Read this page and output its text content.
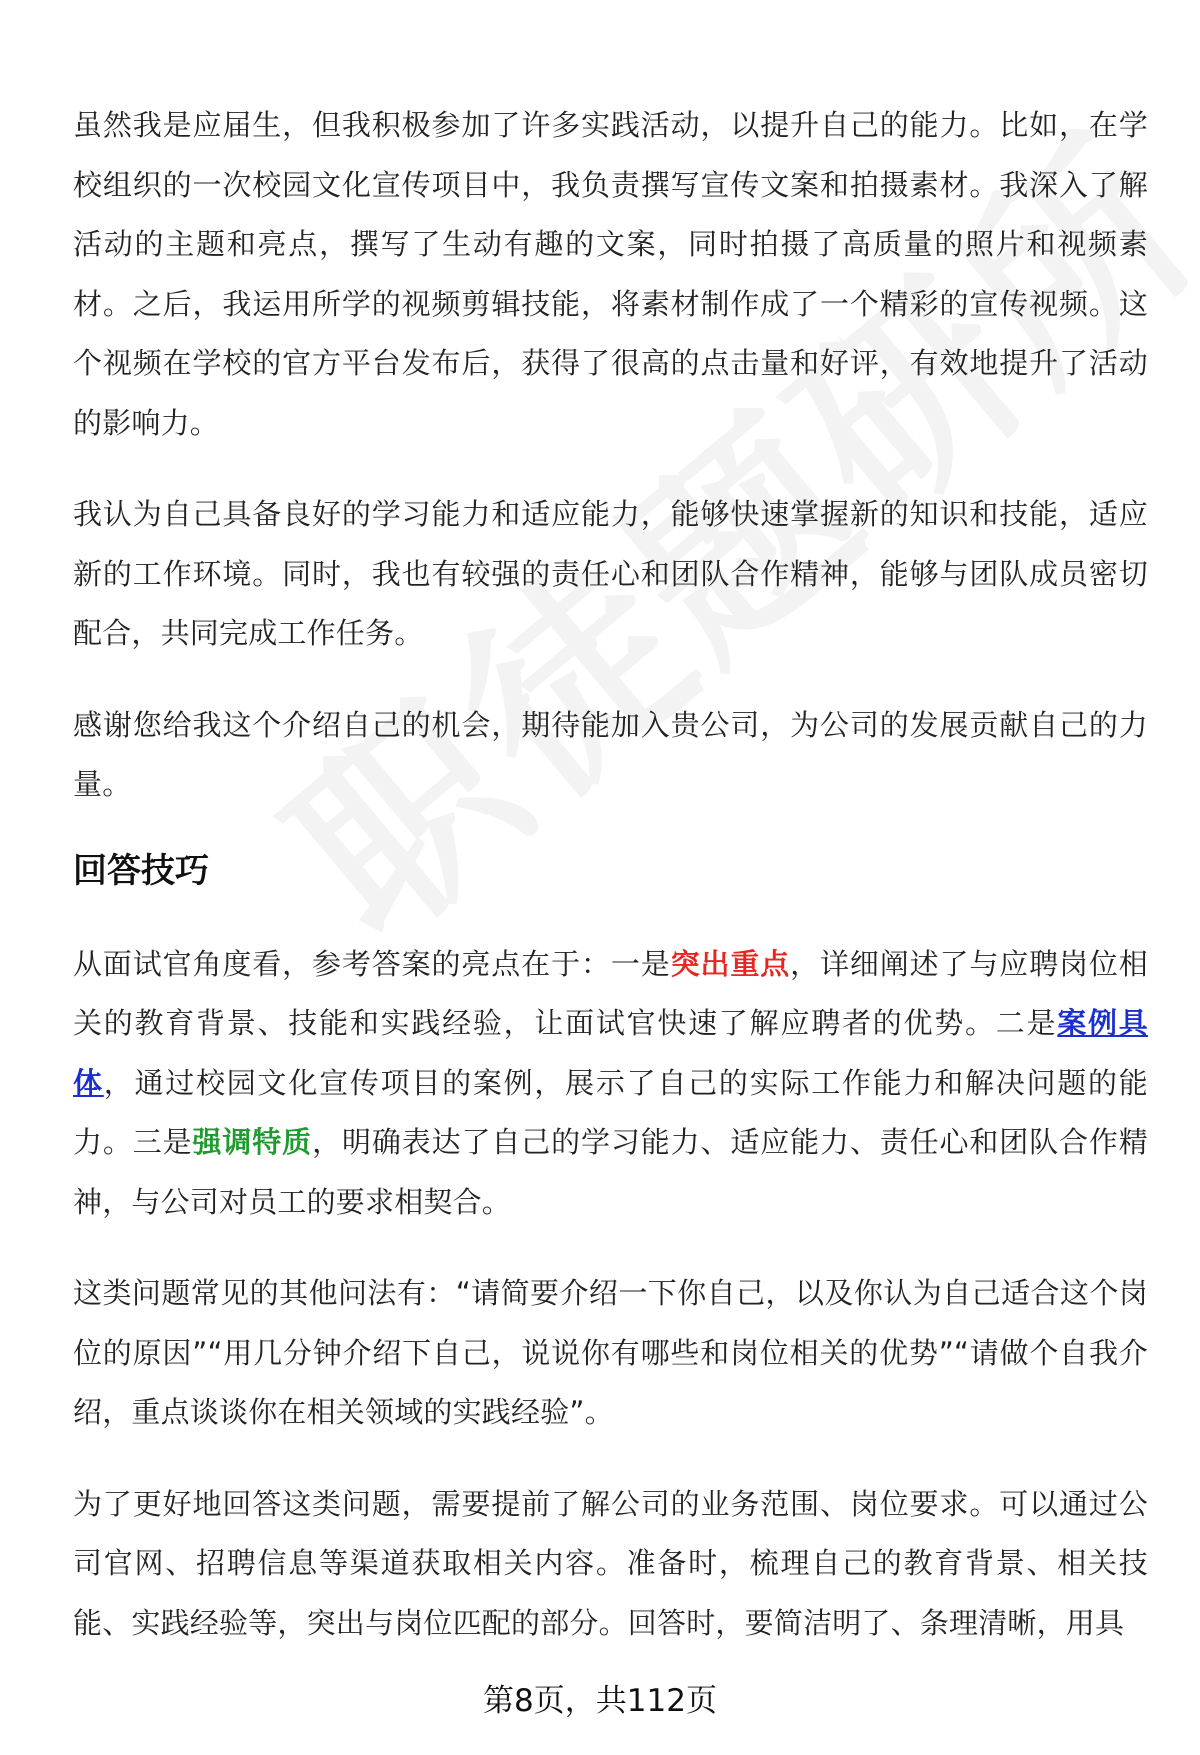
虽然我是应届生，但我积极参加了许多实践活动，以提升自己的能力。比如，在学校组织的一次校园文化宣传项目中，我负责撰写宣传文案和拍摄素材。我深入了解活动的主题和亮点，撰写了生动有趣的文案，同时拍摄了高质量的照片和视频素材。之后，我运用所学的视频剪辑技能，将素材制作成了一个精彩的宣传视频。这个视频在学校的官方平台发布后，获得了很高的点击量和好评，有效地提升了活动的影响力。

我认为自己具备良好的学习能力和适应能力，能够快速掌握新的知识和技能，适应新的工作环境。同时，我也有较强的责任心和团队合作精神，能够与团队成员密切配合，共同完成工作任务。

感谢您给我这个介绍自己的机会，期待能加入贵公司，为公司的发展贡献自己的力量。

回答技巧

从面试官角度看，参考答案的亮点在于：一是突出重点，详细阐述了与应聘岗位相关的教育背景、技能和实践经验，让面试官快速了解应聘者的优势。二是案例具体，通过校园文化宣传项目的案例，展示了自己的实际工作能力和解决问题的能力。三是强调特质，明确表达了自己的学习能力、适应能力、责任心和团队合作精神，与公司对员工的要求相契合。

这类问题常见的其他问法有：“请简要介绍一下你自己，以及你认为自己适合这个岗位的原因”“用几分钟介绍下自己，说说你有哪些和岗位相关的优势”“请做个自我介绍，重点谈谈你在相关领域的实践经验”。

为了更好地回答这类问题，需要提前了解公司的业务范围、岗位要求。可以通过公司官网、招聘信息等渠道获取相关内容。准备时，梳理自己的教育背景、相关技能、实践经验等，突出与岗位匹配的部分。回答时，要简洁明了、条理清晰，用具

第8页，共112页
